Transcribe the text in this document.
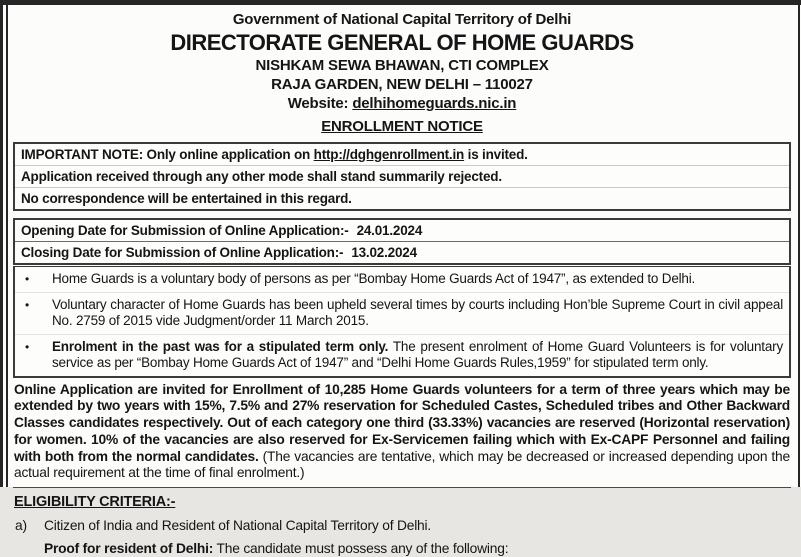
Government of National Capital Territory of Delhi
DIRECTORATE GENERAL OF HOME GUARDS
NISHKAM SEWA BHAWAN, CTI COMPLEX
RAJA GARDEN, NEW DELHI – 110027
Website: delhihomeguards.nic.in
ENROLLMENT NOTICE
IMPORTANT NOTE: Only online application on http://dghgenrollment.in is invited.
Application received through any other mode shall stand summarily rejected.
No correspondence will be entertained in this regard.
Opening Date for Submission of Online Application:- 24.01.2024
Closing Date for Submission of Online Application:- 13.02.2024
•	Home Guards is a voluntary body of persons as per “Bombay Home Guards Act of 1947”, as extended to Delhi.
•	Voluntary character of Home Guards has been upheld several times by courts including Hon’ble Supreme Court in civil appeal No. 2759 of 2015 vide Judgment/order 11 March 2015.
•	Enrolment in the past was for a stipulated term only. The present enrolment of Home Guard Volunteers is for voluntary service as per “Bombay Home Guards Act of 1947” and “Delhi Home Guards Rules,1959” for stipulated term only.
Online Application are invited for Enrollment of 10,285 Home Guards volunteers for a term of three years which may be extended by two years with 15%, 7.5% and 27% reservation for Scheduled Castes, Scheduled tribes and Other Backward Classes candidates respectively. Out of each category one third (33.33%) vacancies are reserved (Horizontal reservation) for women. 10% of the vacancies are also reserved for Ex-Servicemen failing which with Ex-CAPF Personnel and failing with both from the normal candidates. (The vacancies are tentative, which may be decreased or increased depending upon the actual requirement at the time of final enrolment.)
ELIGIBILITY CRITERIA:-
a)	Citizen of India and Resident of National Capital Territory of Delhi.
Proof for resident of Delhi: The candidate must possess any of the following:
